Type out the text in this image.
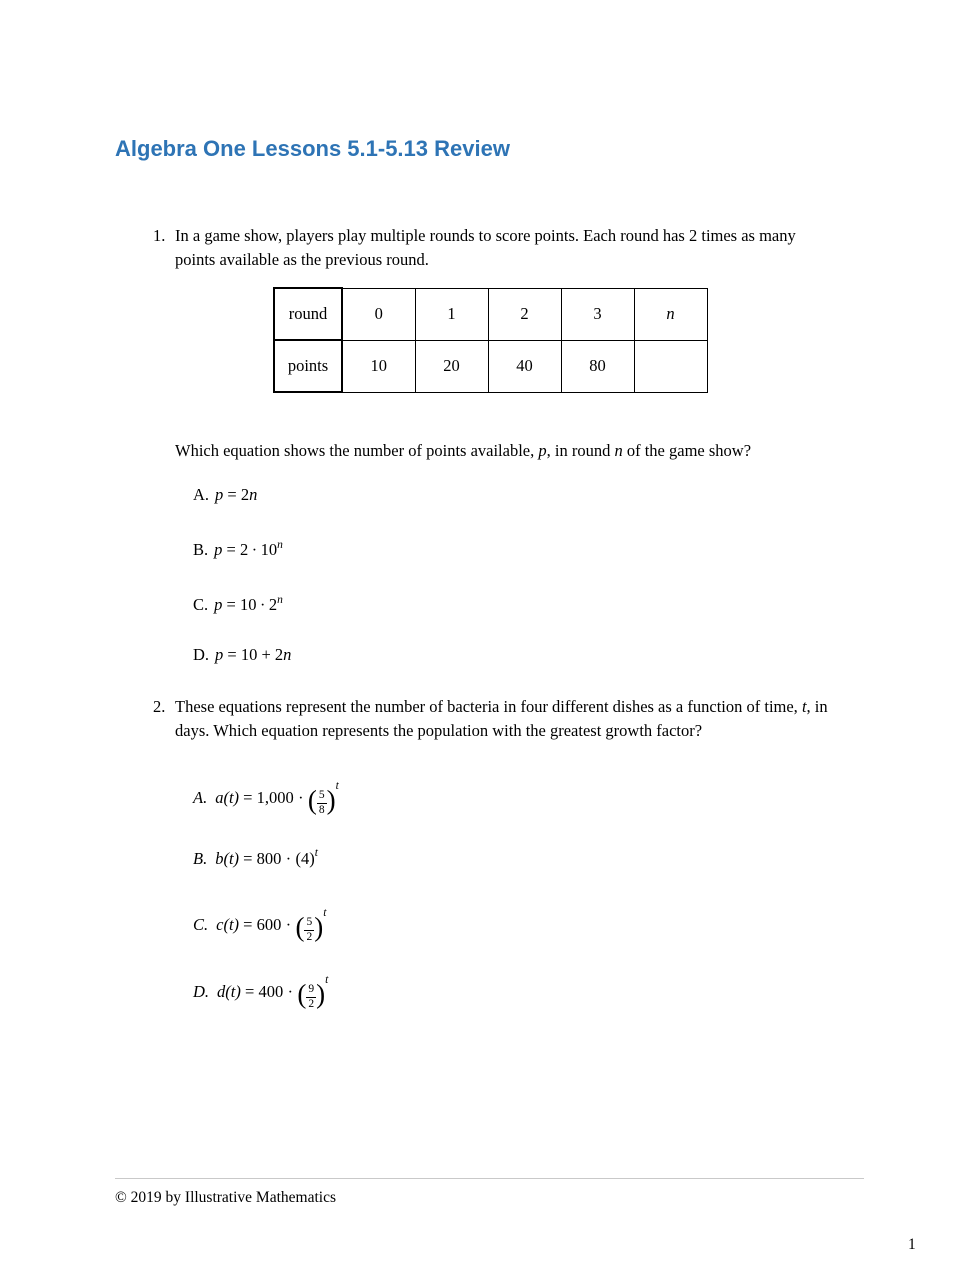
Algebra One Lessons 5.1-5.13 Review
1. In a game show, players play multiple rounds to score points. Each round has 2 times as many points available as the previous round.

round	0	1	2	3	n
points	10	20	40	80	

Which equation shows the number of points available, p, in round n of the game show?

A. p = 2n
B. $p = 2 \cdot 10^n$
C. $p = 10 \cdot 2^n$
D. p = 10 + 2n
2. These equations represent the number of bacteria in four different dishes as a function of time, t, in days. Which equation represents the population with the greatest growth factor?

A. a(t) = 1,000 ∙ ( $\frac{5}{8} )^t$
B. $b(t) = 800 \cdot (4)^t$
C. c(t) = 600 ∙ ( $\frac{5}{2} )^t$
D. d(t) = 400 ∙ ( $\frac{9}{2} )^t$

© 2019 by Illustrative Mathematics

1
